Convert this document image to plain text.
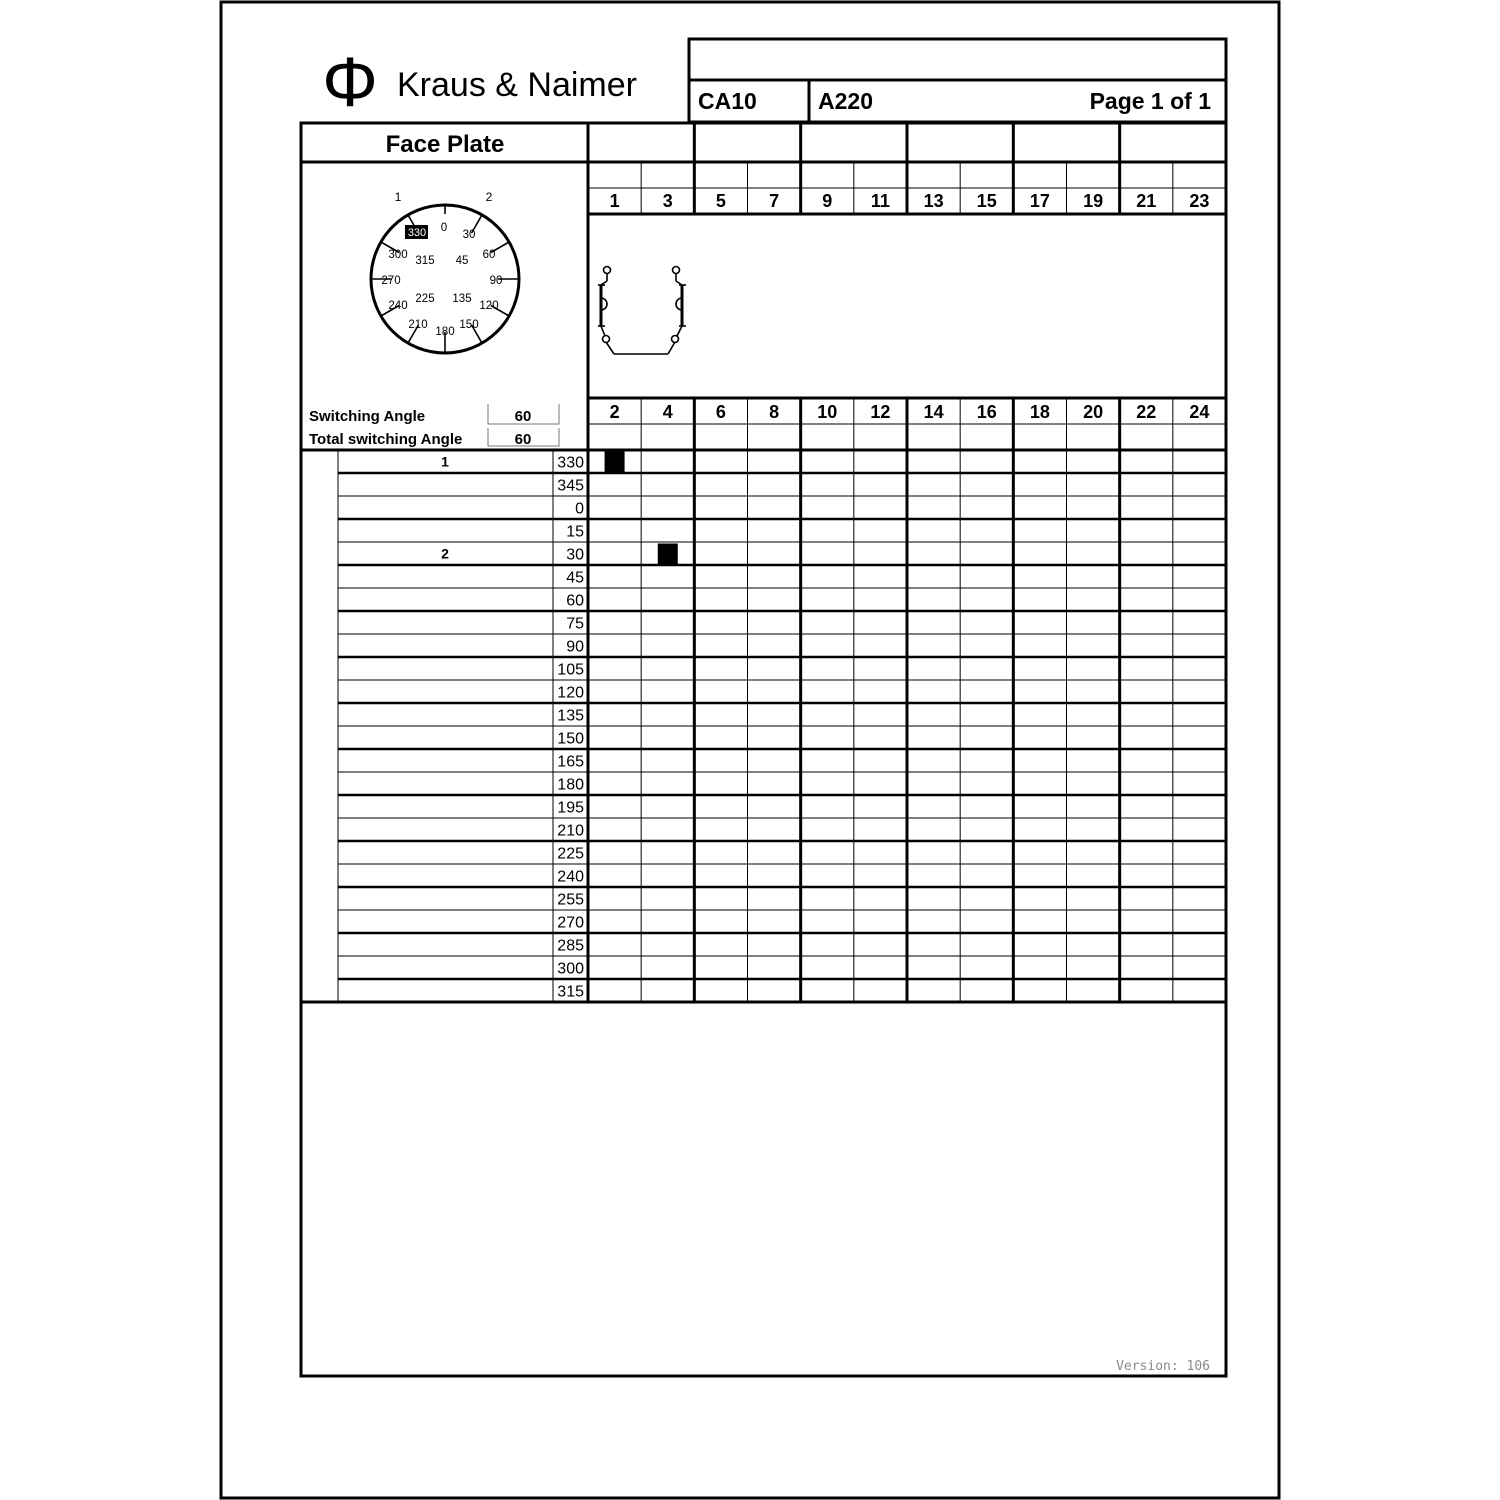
Φ Kraus & Naimer	CA10	A220	Page 1 of 1
Face Plate
1	2
330 0
30
60
90
120
150
180
210
240
270
300 315 45
135
225
1 3 5 7 9 11 13 15 17 19 21 23
2 4 6 8 10 12 14 16 18 20 22 24
Switching Angle	60
Total switching Angle	60
1	330
345
0
15
2	30
45
60
75
90
105
120
135
150
165
180
195
210
225
240
255
270
285
300
315
Version: 106
